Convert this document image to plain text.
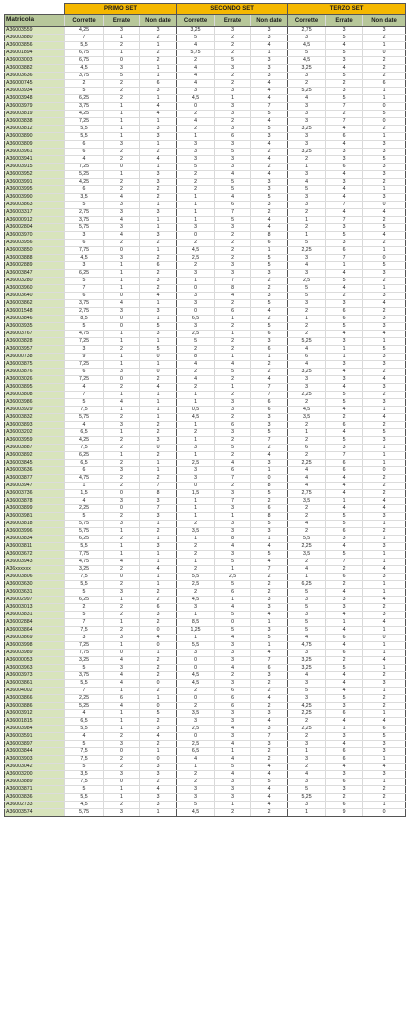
	PRIMO SET			SECONDO SET			TERZO SET		
Matricola	Corrette	Errate	Non date	Corrette	Errate	Non date	Corrette	Errate	Non date
A36003559	4,25	3	3	3,25	3	3	2,75	3	3
A36003880	7	1	2	5	2	3	3	5	2
A36003856	5,5	2	1	4	2	4	4,5	4	1
A36001894	6,75	1	2	5,75	2	1	5	5	0
A36003003	6,75	0	2	2	5	3	4,5	3	2
A36003882	4,5	3	1	4	3	3	3,25	4	2
A36003636	3,75	5	1	4	2	3	3	5	2
A36000745	2	2	6	4	2	4	2	2	6
A36003934	5	2	3	3	3	4	5,25	3	1
A36003948	6,25	2	1	4,5	1	4	4	5	1
A36003979	3,75	1	4	0	3	7	3	7	0
A36003819	4,25	1	4	2	3	5	3	2	5
A36003838	7,25	1	1	4	2	4	3	7	0
A36003812	5,5	1	3	2	3	5	3,25	4	2
A36003890	5,5	1	3	1	6	3	3	6	1
A36003809	6	3	1	3	3	4	3	4	3
A36003961	6	2	2	3	5	2	3,25	3	3
A36003941	4	2	4	3	3	4	2	3	5
A36003915	7,25	0	1	5	3	2	1	6	3
A36003952	5,25	1	3	2	4	4	3	4	3
A36003991	4,25	2	3	2	5	3	4	3	2
A36003995	6	2	2	2	5	3	5	4	1
A36003990	3,5	4	2	1	4	5	3	4	3
A36003863	5	3	1	1	6	3	3	7	0
A36003317	2,75	3	3	1	7	2	2	4	4
A36000912	3,75	4	1	1	5	4	1	7	2
A36002804	5,75	3	1	3	3	4	2	3	5
A36003970	3	4	3	0	2	8	1	5	4
A36003956	6	2	2	2	2	6	5	3	2
A36003850	7,75	0	1	4,5	2	1	2,25	6	1
A36003888	4,5	3	2	2,5	2	5	3	7	0
A36002889	3	1	6	2	3	5	4	1	5
A36003847	6,25	1	2	3	3	3	3	4	3
A36003280	5	1	3	1	7	2	2,5	5	2
A36003960	7	1	2	0	8	2	5	4	1
A36003640	6	0	4	3	4	3	5	2	3
A36003862	3,75	4	1	3	2	5	3	3	4
A36001548	2,75	3	3	0	6	4	2	6	2
A36003846	8,5	0	1	6,5	1	2	1	6	3
A36003935	5	0	5	3	2	5	2	5	3
A36003767	4,75	1	3	2,5	1	6	2	4	4
A36003828	7,25	1	1	5	2	3	5,25	3	1
A36003957	3	2	5	2	2	6	4	1	5
A36000738	9	1	0	8	1	1	6	1	3
A36003875	7,25	1	1	4	4	2	4	3	3
A36003876	6	3	0	2	5	2	3,25	4	2
A36003026	7,25	0	2	4	2	4	3	3	4
A36003895	4	2	4	2	1	7	3	4	3
A36003808	7	1	1	1	2	7	2,25	5	2
A36003986	5	4	1	1	3	6	2	5	3
A36003929	7,5	1	1	0,5	3	6	4,5	4	1
A36003832	5,75	2	1	4,5	2	3	3,5	2	4
A36003893	4	3	2	1	6	3	2	6	2
A36003202	6,5	1	2	2	3	5	1	4	5
A36003959	4,25	2	3	1	2	7	2	5	3
A36003887	7,5	2	0	3	5	2	6	3	1
A36003892	6,25	1	2	1	2	4	2	7	1
A36003845	6,5	2	1	2,5	4	3	2,25	6	1
A36003636	6	3	1	3	6	1	4	6	0
A36003877	4,75	2	2	3	7	0	4	4	2
A36003947	1	2	7	0	2	8	4	4	2
A36003736	1,5	0	8	1,5	3	5	2,75	4	2
A36003878	4	3	3	1	7	2	3,5	1	4
A36003899	2,25	0	7	1	3	6	2	4	4
A36003981	5	2	3	1	1	8	2	5	3
A36003818	5,75	3	1	2	3	5	4	5	1
A36003996	5,75	1	2	3,5	3	3	2	6	2
A36003834	6,25	2	1	1	8	1	5,5	3	1
A36003811	5,5	1	3	2	4	4	2,25	4	3
A36003672	7,75	1	1	2	3	5	3,5	5	1
A36003943	4,75	4	1	1	5	4	2	7	1
A36xxxxxx	3,25	2	4	2	1	7	4	2	4
A36003806	7,5	0	1	5,5	2,5	2	1	6	3
A36003630	5,5	2	1	2,5	5	2	6,25	2	1
A36003631	5	3	2	2	6	2	5	4	1
A36002997	6,25	1	2	4,5	1	3	3	3	4
A36003013	2	2	6	3	4	3	5	3	2
A36003831	5	2	3	1	5	4	3	4	3
A36002884	7	1	2	8,5	0	1	5	1	4
A36003864	7,5	2	0	1,25	5	3	5	4	1
A36003869	3	3	4	1	4	5	4	6	0
A36003998	7,25	1	0	5,5	3	1	4,75	4	1
A36003989	7,75	0	1	3	3	4	3	6	1
A36000053	3,25	4	2	0	3	7	3,25	2	4
A36003963	5	3	2	0	4	6	3,25	5	1
A36003973	3,75	4	2	4,5	2	3	4	4	2
A36003861	5,5	4	0	4,5	3	2	3	4	3
A36004002	7	1	2	2	6	2	5	4	1
A36003866	2,25	6	1	0	6	4	3	5	2
A36003886	5,25	4	0	2	6	2	4,25	3	2
A36003912	4	1	5	3,5	3	3	2,25	6	1
A36001815	6,5	1	2	3	3	4	2	4	4
A36003984	5,5	1	3	2,5	4	3	2,25	1	6
A36003591	4	2	4	0	3	7	2	3	5
A36003897	5	3	2	2,5	4	3	3	4	3
A36003844	7,5	0	1	6,5	1	2	1	6	3
A36003903	7,5	2	0	4	4	2	3	6	1
A36003042	5	2	3	1	5	4	2	4	4
A36003200	3,5	3	3	2	4	4	4	3	3
A36003889	7,5	0	2	2	3	5	3	6	1
A36003871	5	1	4	3	3	4	5	3	2
A36003836	5,5	1	3	3	3	4	5,25	2	2
A36002733	4,5	2	3	5	1	4	3	6	1
A36003574	5,75	3	1	4,5	2	2	1	9	0
